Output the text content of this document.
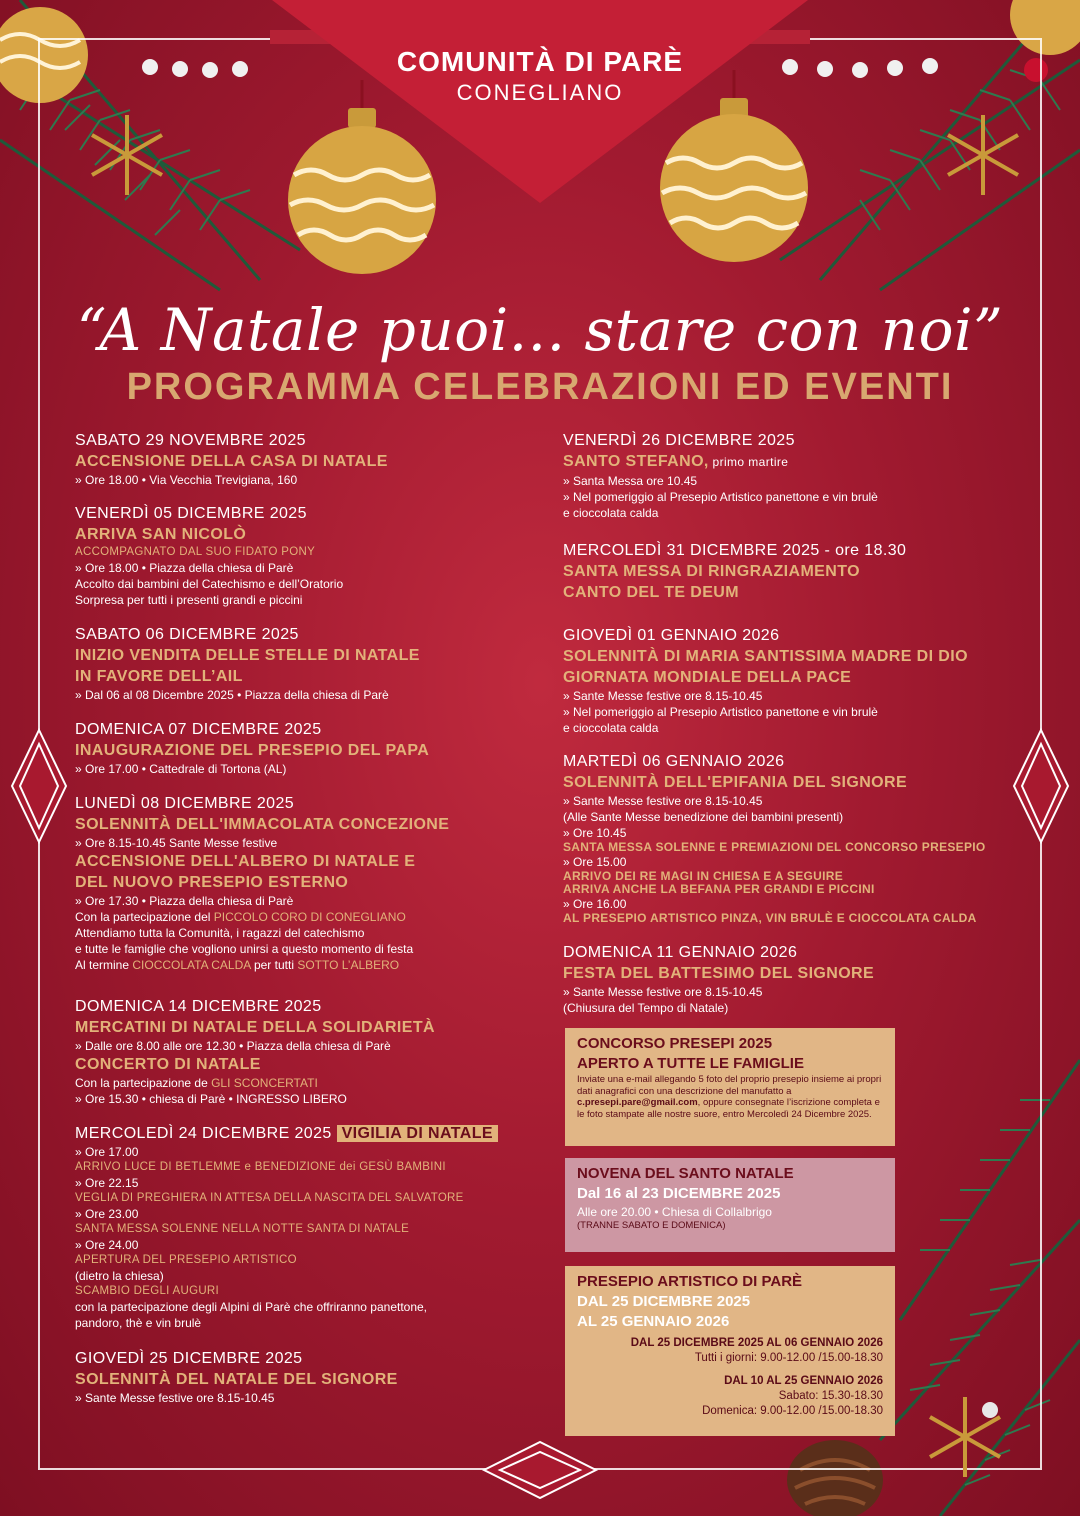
COMUNITÀ DI PARÈ
CONEGLIANO
“A Natale puoi... stare con noi”
PROGRAMMA CELEBRAZIONI ED EVENTI
SABATO 29 NOVEMBRE 2025
ACCENSIONE DELLA CASA DI NATALE
» Ore 18.00 • Via Vecchia Trevigiana, 160
VENERDÌ 05 DICEMBRE 2025
ARRIVA SAN NICOLÒ
ACCOMPAGNATO DAL SUO FIDATO PONY
» Ore 18.00 • Piazza della chiesa di Parè
Accolto dai bambini del Catechismo e dell’Oratorio
Sorpresa per tutti i presenti grandi e piccini
SABATO 06 DICEMBRE 2025
INIZIO VENDITA DELLE STELLE DI NATALE
IN FAVORE DELL’AIL
» Dal 06 al 08 Dicembre 2025 • Piazza della chiesa di Parè
DOMENICA 07 DICEMBRE 2025
INAUGURAZIONE DEL PRESEPIO DEL PAPA
» Ore 17.00 • Cattedrale di Tortona (AL)
LUNEDÌ 08 DICEMBRE 2025
SOLENNITÀ DELL'IMMACOLATA CONCEZIONE
» Ore 8.15-10.45 Sante Messe festive
ACCENSIONE DELL'ALBERO DI NATALE E
DEL NUOVO PRESEPIO ESTERNO
» Ore 17.30 • Piazza della chiesa di Parè
Con la partecipazione del PICCOLO CORO DI CONEGLIANO
Attendiamo tutta la Comunità, i ragazzi del catechismo
e tutte le famiglie che vogliono unirsi a questo momento di festa
Al termine CIOCCOLATA CALDA per tutti SOTTO L’ALBERO
DOMENICA 14 DICEMBRE 2025
MERCATINI DI NATALE DELLA SOLIDARIETÀ
» Dalle ore 8.00 alle ore 12.30 • Piazza della chiesa di Parè
CONCERTO DI NATALE
Con la partecipazione de GLI SCONCERTATI
» Ore 15.30 • chiesa di Parè • INGRESSO LIBERO
MERCOLEDÌ 24 DICEMBRE 2025 VIGILIA DI NATALE
» Ore 17.00
ARRIVO LUCE DI BETLEMME e BENEDIZIONE dei GESÙ BAMBINI
» Ore 22.15
VEGLIA DI PREGHIERA IN ATTESA DELLA NASCITA DEL SALVATORE
» Ore 23.00
SANTA MESSA SOLENNE NELLA NOTTE SANTA DI NATALE
» Ore 24.00
APERTURA DEL PRESEPIO ARTISTICO
(dietro la chiesa)
SCAMBIO DEGLI AUGURI
con la partecipazione degli Alpini di Parè che offriranno panettone,
pandoro, thè e vin brulè
GIOVEDÌ 25 DICEMBRE 2025
SOLENNITÀ DEL NATALE DEL SIGNORE
» Sante Messe festive ore 8.15-10.45
VENERDÌ 26 DICEMBRE 2025
SANTO STEFANO, primo martire
» Santa Messa ore 10.45
» Nel pomeriggio al Presepio Artistico panettone e vin brulè
e cioccolata calda
MERCOLEDÌ 31 DICEMBRE 2025 - ore 18.30
SANTA MESSA DI RINGRAZIAMENTO
CANTO DEL TE DEUM
GIOVEDÌ 01 GENNAIO 2026
SOLENNITÀ DI MARIA SANTISSIMA MADRE DI DIO
GIORNATA MONDIALE DELLA PACE
» Sante Messe festive ore 8.15-10.45
» Nel pomeriggio al Presepio Artistico panettone e vin brulè
e cioccolata calda
MARTEDÌ 06 GENNAIO 2026
SOLENNITÀ DELL'EPIFANIA DEL SIGNORE
» Sante Messe festive ore 8.15-10.45
(Alle Sante Messe benedizione dei bambini presenti)
» Ore 10.45
SANTA MESSA SOLENNE E PREMIAZIONI DEL CONCORSO PRESEPIO
» Ore 15.00
ARRIVO DEI RE MAGI IN CHIESA E A SEGUIRE
ARRIVA ANCHE LA BEFANA PER GRANDI E PICCINI
» Ore 16.00
AL PRESEPIO ARTISTICO PINZA, VIN BRULÈ E CIOCCOLATA CALDA
DOMENICA 11 GENNAIO 2026
FESTA DEL BATTESIMO DEL SIGNORE
» Sante Messe festive ore 8.15-10.45
(Chiusura del Tempo di Natale)
CONCORSO PRESEPI 2025
APERTO A TUTTE LE FAMIGLIE
Inviate una e-mail allegando 5 foto del proprio presepio insieme ai propri dati anagrafici con una descrizione del manufatto a c.presepi.pare@gmail.com, oppure consegnate l’iscrizione completa e le foto stampate alle nostre suore, entro Mercoledì 24 Dicembre 2025.
NOVENA DEL SANTO NATALE
Dal 16 al 23 DICEMBRE 2025
Alle ore 20.00 • Chiesa di Collalbrigo
(TRANNE SABATO E DOMENICA)
PRESEPIO ARTISTICO DI PARÈ
DAL 25 DICEMBRE 2025
AL 25 GENNAIO 2026
DAL 25 DICEMBRE 2025 AL 06 GENNAIO 2026
Tutti i giorni: 9.00-12.00 /15.00-18.30
DAL 10 AL 25 GENNAIO 2026
Sabato: 15.30-18.30
Domenica: 9.00-12.00 /15.00-18.30
